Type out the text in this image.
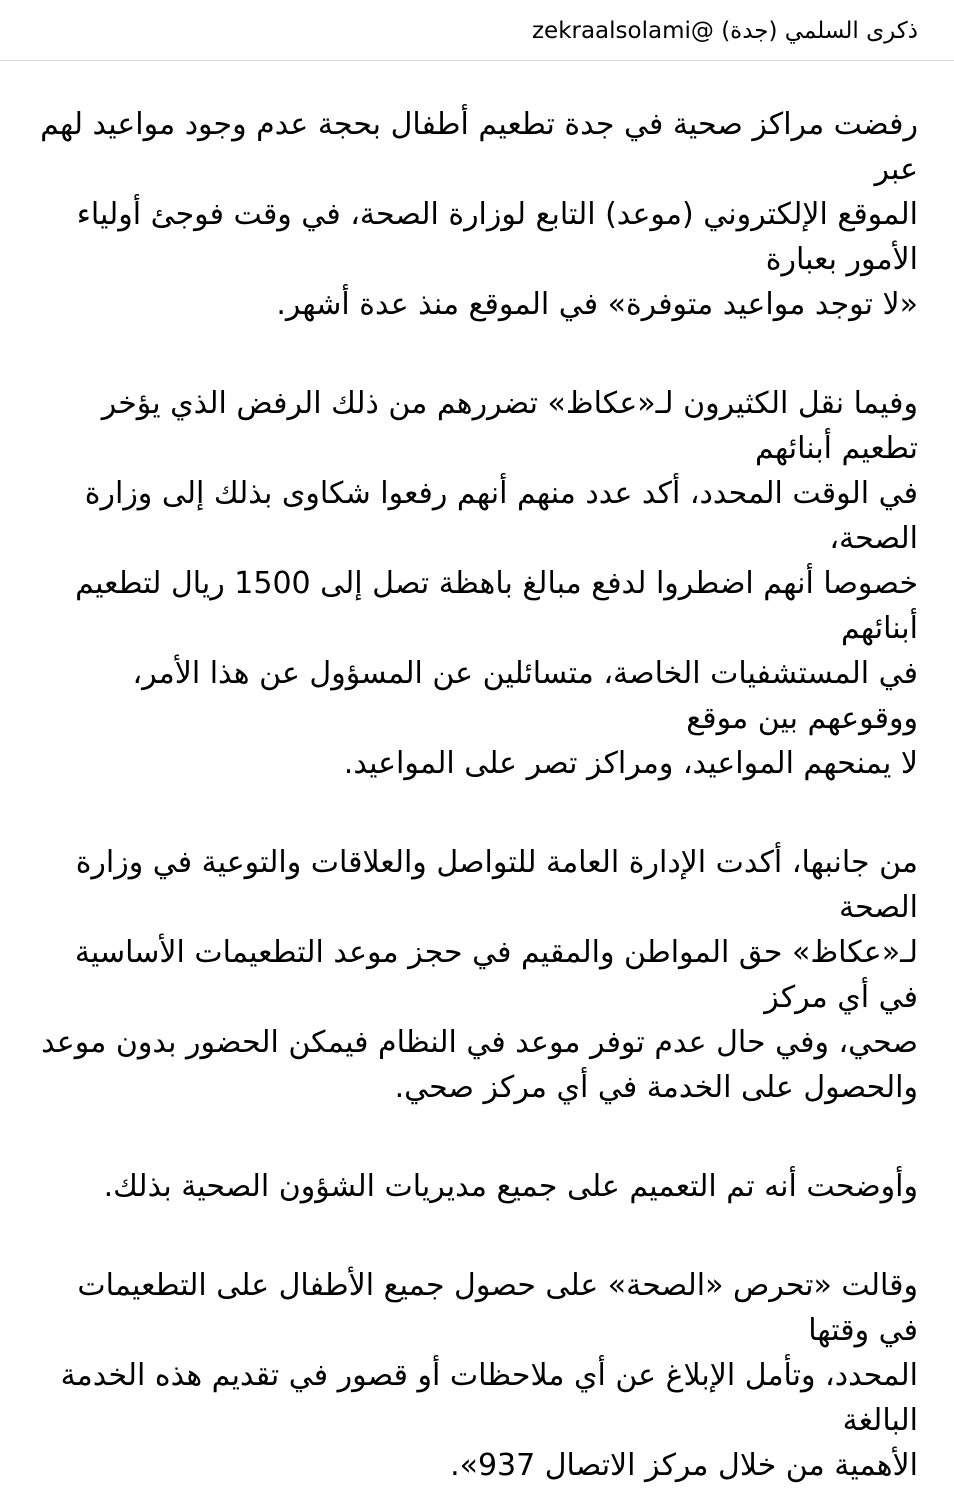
ذكرى السلمي (جدة) @zekraalsolami

رفضت مراكز صحية في جدة تطعيم أطفال بحجة عدم وجود مواعيد لهم عبر
الموقع الإلكتروني (موعد) التابع لوزارة الصحة، في وقت فوجئ أولياء الأمور بعبارة
«لا توجد مواعيد متوفرة» في الموقع منذ عدة أشهر.

وفيما نقل الكثيرون لـ«عكاظ» تضررهم من ذلك الرفض الذي يؤخر تطعيم أبنائهم
في الوقت المحدد، أكد عدد منهم أنهم رفعوا شكاوى بذلك إلى وزارة الصحة،
خصوصا أنهم اضطروا لدفع مبالغ باهظة تصل إلى 1500 ريال لتطعيم أبنائهم
في المستشفيات الخاصة، متسائلين عن المسؤول عن هذا الأمر، ووقوعهم بين موقع
لا يمنحهم المواعيد، ومراكز تصر على المواعيد.

من جانبها، أكدت الإدارة العامة للتواصل والعلاقات والتوعية في وزارة الصحة
لـ«عكاظ» حق المواطن والمقيم في حجز موعد التطعيمات الأساسية في أي مركز
صحي، وفي حال عدم توفر موعد في النظام فيمكن الحضور بدون موعد
والحصول على الخدمة في أي مركز صحي.

وأوضحت أنه تم التعميم على جميع مديريات الشؤون الصحية بذلك.

وقالت «تحرص «الصحة» على حصول جميع الأطفال على التطعيمات في وقتها
المحدد، وتأمل الإبلاغ عن أي ملاحظات أو قصور في تقديم هذه الخدمة البالغة
الأهمية من خلال مركز الاتصال 937».
